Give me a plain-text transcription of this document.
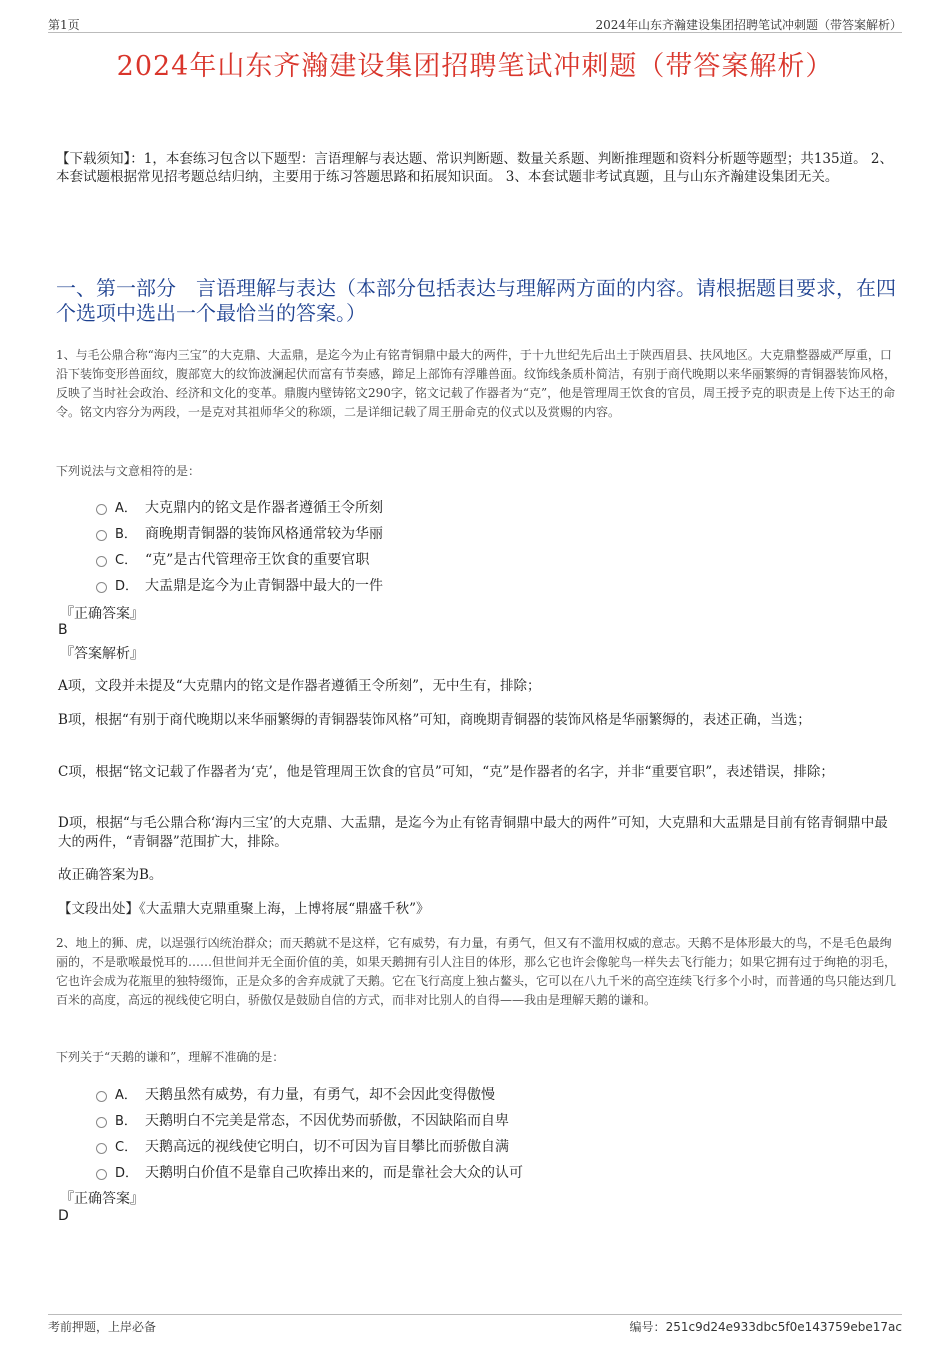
第1页	2024年山东齐瀚建设集团招聘笔试冲刺题（带答案解析）
2024年山东齐瀚建设集团招聘笔试冲刺题（带答案解析）
【下载须知】：1，本套练习包含以下题型：言语理解与表达题、常识判断题、数量关系题、判断推理题和资料分析题等题型；共135道。 2、本套试题根据常见招考题总结归纳，主要用于练习答题思路和拓展知识面。 3、本套试题非考试真题，且与山东齐瀚建设集团无关。
一、第一部分　言语理解与表达（本部分包括表达与理解两方面的内容。请根据题目要求，在四个选项中选出一个最恰当的答案。）
1、与毛公鼎合称“海内三宝”的大克鼎、大盂鼎，是迄今为止有铭青铜鼎中最大的两件，于十九世纪先后出土于陕西眉县、扶风地区。大克鼎整器威严厚重，口沿下装饰变形兽面纹，腹部宽大的纹饰波澜起伏而富有节奏感，蹄足上部饰有浮雕兽面。纹饰线条质朴简洁，有别于商代晚期以来华丽繁缛的青铜器装饰风格，反映了当时社会政治、经济和文化的变革。鼎腹内壁铸铭文290字，铭文记载了作器者为“克”，他是管理周王饮食的官员，周王授予克的职责是上传下达王的命令。铭文内容分为两段，一是克对其祖师华父的称颂，二是详细记载了周王册命克的仪式以及赏赐的内容。
下列说法与文意相符的是：
A． 大克鼎内的铭文是作器者遵循王令所刻
B． 商晚期青铜器的装饰风格通常较为华丽
C． “克”是古代管理帝王饮食的重要官职
D． 大盂鼎是迄今为止青铜器中最大的一件
『正确答案』
B
『答案解析』
A项，文段并未提及“大克鼎内的铭文是作器者遵循王令所刻”，无中生有，排除；
B项，根据“有别于商代晚期以来华丽繁缛的青铜器装饰风格”可知，商晚期青铜器的装饰风格是华丽繁缛的，表述正确，当选；
C项，根据“铭文记载了作器者为‘克’，他是管理周王饮食的官员”可知，“克”是作器者的名字，并非“重要官职”，表述错误，排除；
D项，根据“与毛公鼎合称‘海内三宝’的大克鼎、大盂鼎，是迄今为止有铭青铜鼎中最大的两件”可知，大克鼎和大盂鼎是目前有铭青铜鼎中最大的两件，“青铜器”范围扩大，排除。
故正确答案为B。
【文段出处】《大盂鼎大克鼎重聚上海，上博将展“鼎盛千秋”》
2、地上的狮、虎，以逞强行凶统治群众；而天鹅就不是这样，它有威势，有力量，有勇气，但又有不滥用权威的意志。天鹅不是体形最大的鸟，不是毛色最绚丽的，不是歌喉最悦耳的……但世间并无全面价值的美，如果天鹅拥有引人注目的体形，那么它也许会像鸵鸟一样失去飞行能力；如果它拥有过于绚艳的羽毛，它也许会成为花瓶里的独特缀饰，正是众多的舍弃成就了天鹅。它在飞行高度上独占鳌头，它可以在八九千米的高空连续飞行多个小时，而普通的鸟只能达到几百米的高度，高远的视线使它明白，骄傲仅是鼓励自信的方式，而非对比别人的自得——我由是理解天鹅的谦和。
下列关于“天鹅的谦和”，理解不准确的是：
A． 天鹅虽然有威势，有力量，有勇气，却不会因此变得傲慢
B． 天鹅明白不完美是常态，不因优势而骄傲，不因缺陷而自卑
C． 天鹅高远的视线使它明白，切不可因为盲目攀比而骄傲自满
D． 天鹅明白价值不是靠自己吹捧出来的，而是靠社会大众的认可
『正确答案』
D
考前押题，上岸必备	编号：251c9d24e933dbc5f0e143759ebe17ac
